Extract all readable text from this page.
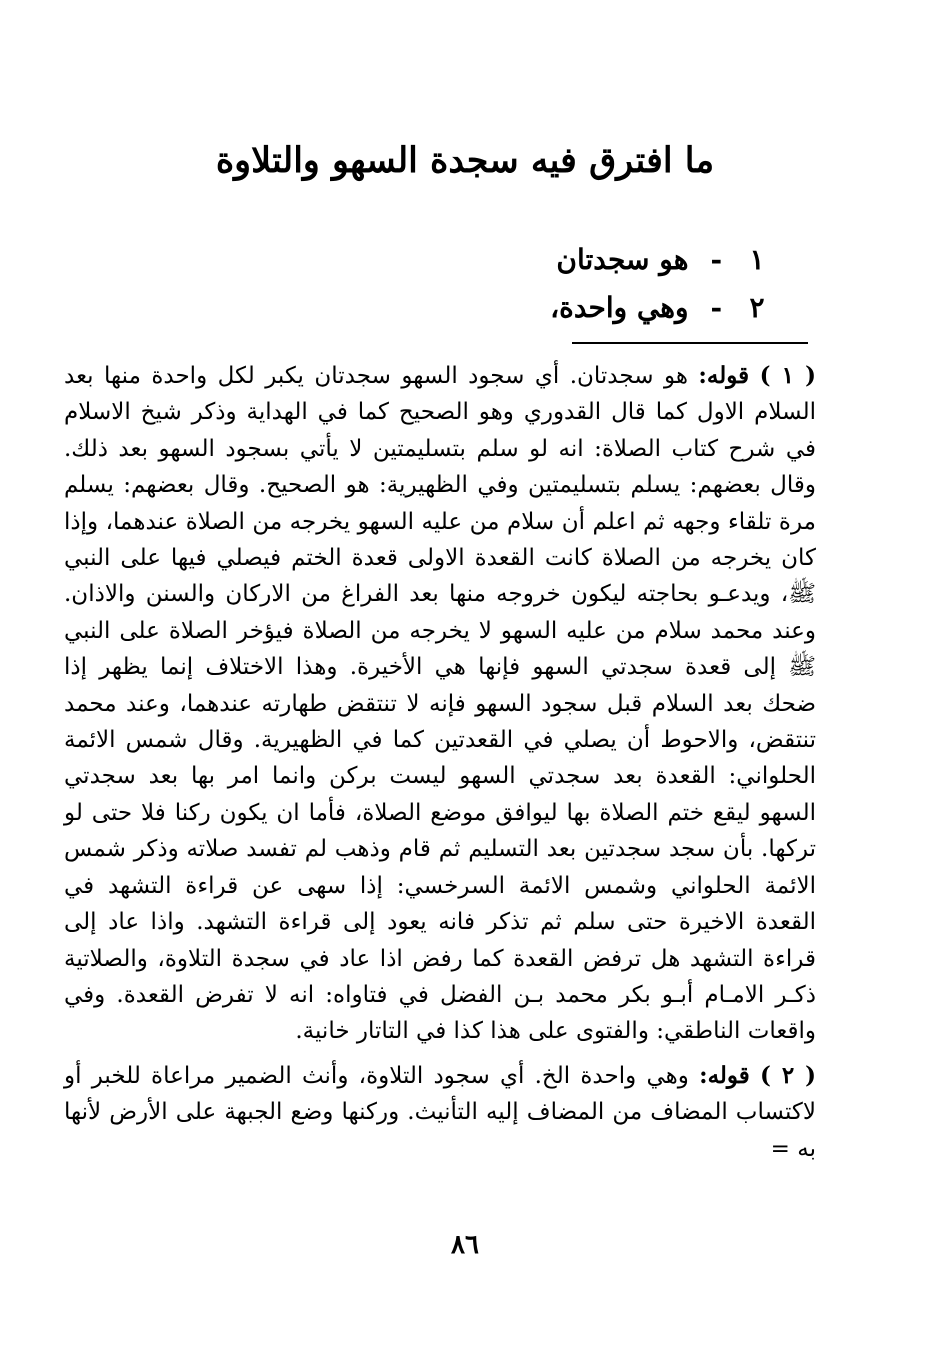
ما افترق فيه سجدة السهو والتلاوة
١ - هو سجدتان
٢ - وهي واحدة،

( ١ ) قوله: هو سجدتان. أي سجود السهو سجدتان يكبر لكل واحدة منها بعد السلام الاول كما قال القدوري وهو الصحيح كما في الهداية وذكر شيخ الاسلام في شرح كتاب الصلاة: انه لو سلم بتسليمتين لا يأتي بسجود السهو بعد ذلك. وقال بعضهم: يسلم بتسليمتين وفي الظهيرية: هو الصحيح. وقال بعضهم: يسلم مرة تلقاء وجهه ثم اعلم أن سلام من عليه السهو يخرجه من الصلاة عندهما، وإذا كان يخرجه من الصلاة كانت القعدة الاولى قعدة الختم فيصلي فيها على النبي ﷺ، ويدعـو بحاجته ليكون خروجه منها بعد الفراغ من الاركان والسنن والاذان. وعند محمد سلام من عليه السهو لا يخرجه من الصلاة فيؤخر الصلاة على النبي ﷺ إلى قعدة سجدتي السهو فإنها هي الأخيرة. وهذا الاختلاف إنما يظهر إذا ضحك بعد السلام قبل سجود السهو فإنه لا تنتقض طهارته عندهما، وعند محمد تنتقض، والاحوط أن يصلي في القعدتين كما في الظهيرية. وقال شمس الائمة الحلواني: القعدة بعد سجدتي السهو ليست بركن وانما امر بها بعد سجدتي السهو ليقع ختم الصلاة بها ليوافق موضع الصلاة، فأما ان يكون ركنا فلا حتى لو تركها. بأن سجد سجدتين بعد التسليم ثم قام وذهب لم تفسد صلاته وذكر شمس الائمة الحلواني وشمس الائمة السرخسي: إذا سهى عن قراءة التشهد في القعدة الاخيرة حتى سلم ثم تذكر فانه يعود إلى قراءة التشهد. واذا عاد إلى قراءة التشهد هل ترفض القعدة كما رفض اذا عاد في سجدة التلاوة، والصلاتية ذكـر الامـام أبـو بكر محمد بـن الفضل في فتاواه: انه لا تفرض القعدة. وفي واقعات الناطقي: والفتوى على هذا كذا في التاتار خانية.

( ٢ ) قوله: وهي واحدة الخ. أي سجود التلاوة، وأنث الضمير مراعاة للخبر أو لاكتساب المضاف من المضاف إليه التأنيث. وركنها وضع الجبهة على الأرض لأنها به =

٨٦
